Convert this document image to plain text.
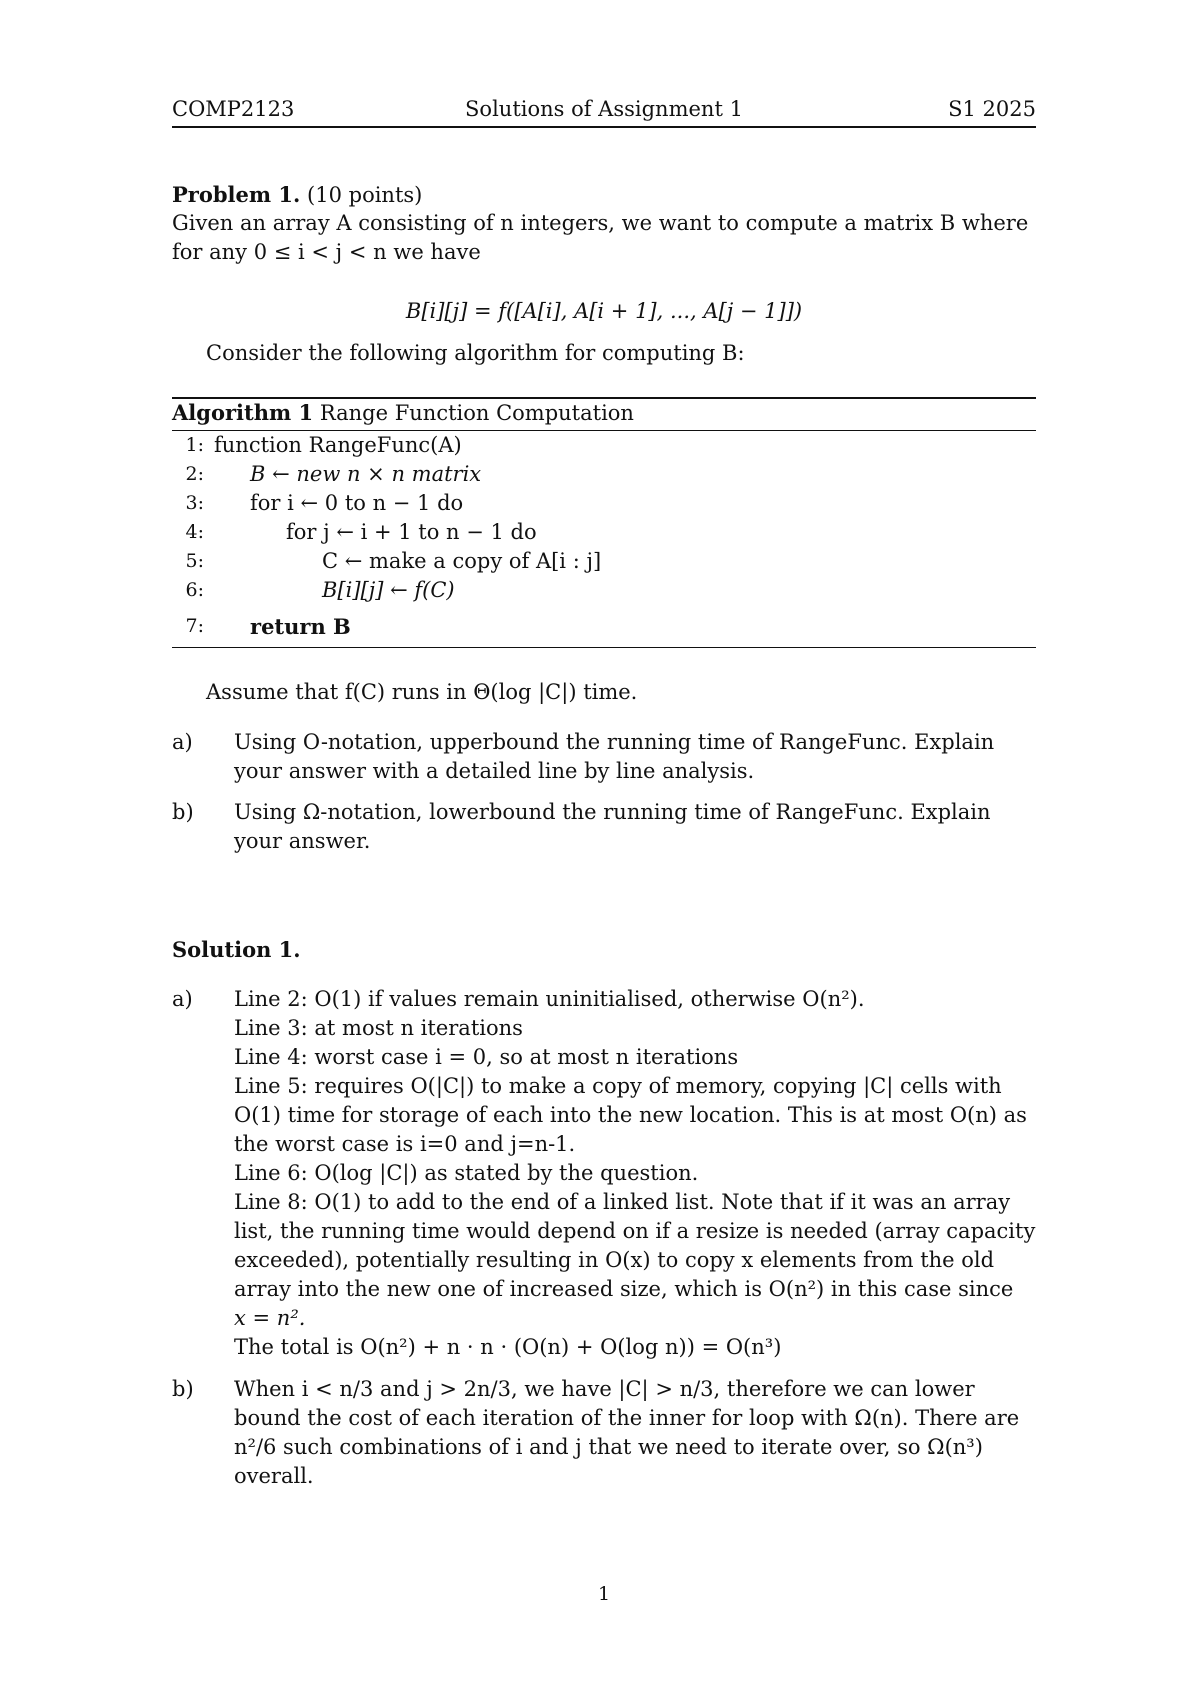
COMP2123	Solutions of Assignment 1	S1 2025
Problem 1. (10 points)
Given an array A consisting of n integers, we want to compute a matrix B where
for any 0 ≤ i < j < n we have
B[i][j] = f([A[i], A[i + 1], ..., A[j − 1]])
Consider the following algorithm for computing B:
Algorithm 1 Range Function Computation
1: function RangeFunc(A)
2: B ← new n × n matrix
3: for i ← 0 to n − 1 do
4:	for j ← i + 1 to n − 1 do
5:	C ← make a copy of A[i : j]
6:	B[i][j] ← f(C)
7: return B
Assume that f(C) runs in Θ(log |C|) time.
a)	Using O-notation, upperbound the running time of RangeFunc. Explain
your answer with a detailed line by line analysis.
b)	Using Ω-notation, lowerbound the running time of RangeFunc. Explain
your answer.
Solution 1.
a)	Line 2: O(1) if values remain uninitialised, otherwise O(n²).
Line 3: at most n iterations
Line 4: worst case i = 0, so at most n iterations
Line 5: requires O(|C|) to make a copy of memory, copying |C| cells with
O(1) time for storage of each into the new location. This is at most O(n) as
the worst case is i=0 and j=n-1.
Line 6: O(log |C|) as stated by the question.
Line 8: O(1) to add to the end of a linked list. Note that if it was an array
list, the running time would depend on if a resize is needed (array capacity
exceeded), potentially resulting in O(x) to copy x elements from the old
array into the new one of increased size, which is O(n²) in this case since
x = n².
The total is O(n²) + n · n · (O(n) + O(log n)) = O(n³)
b)	When i < n/3 and j > 2n/3, we have |C| > n/3, therefore we can lower
bound the cost of each iteration of the inner for loop with Ω(n). There are
n²/6 such combinations of i and j that we need to iterate over, so Ω(n³)
overall.
1
